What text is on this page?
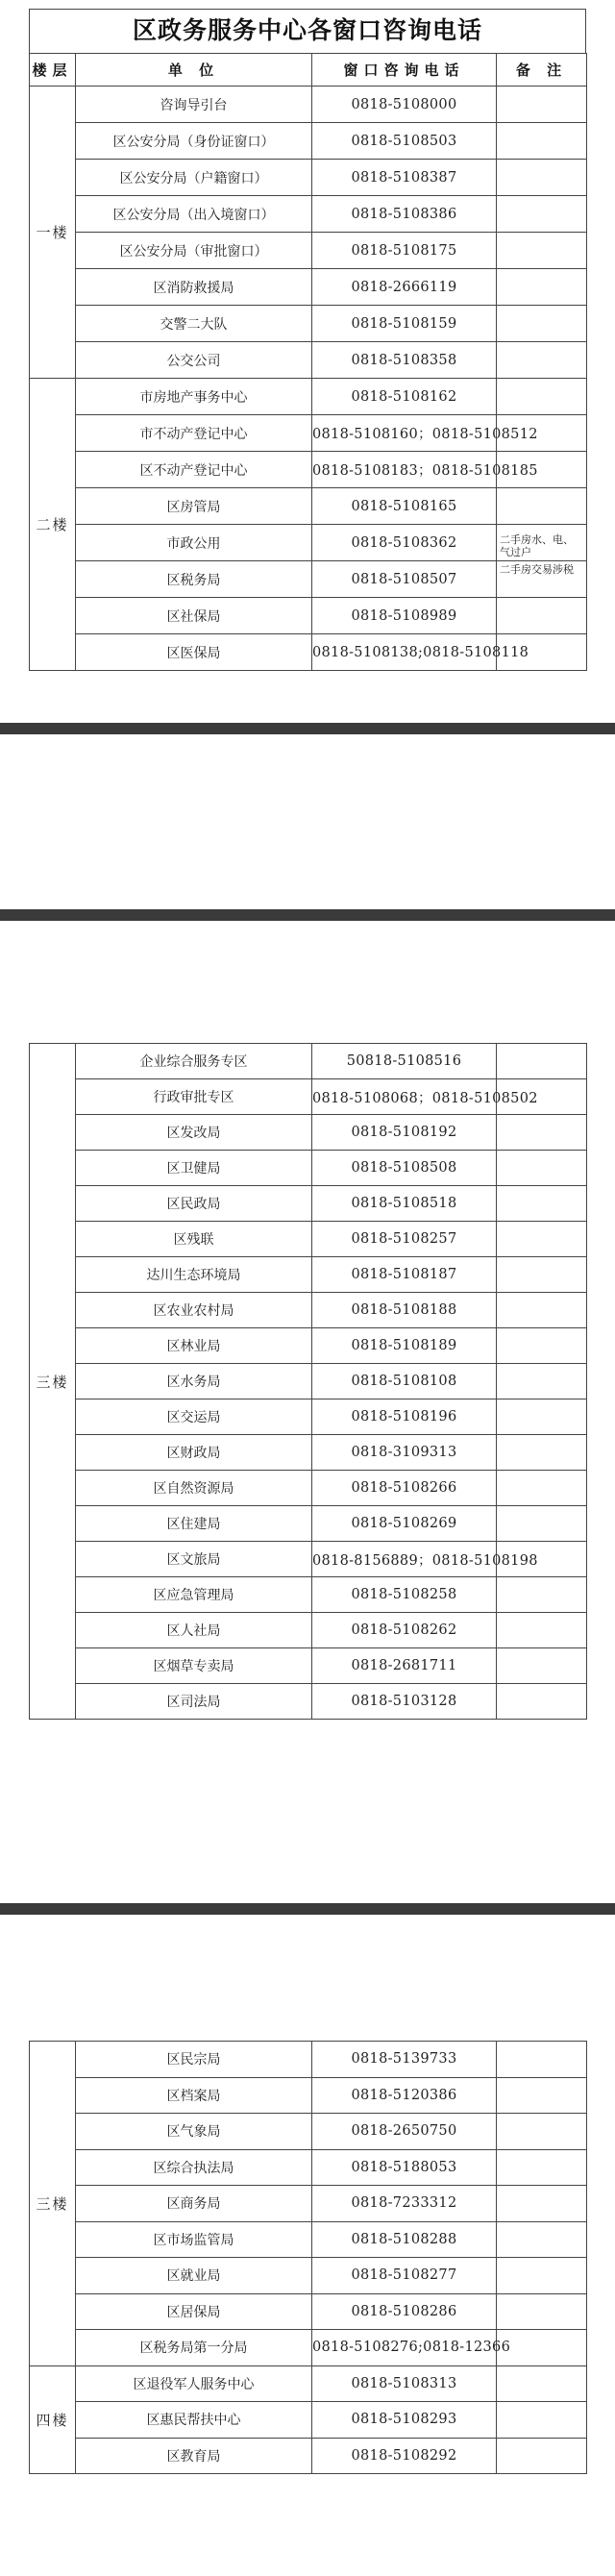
区政务服务中心各窗口咨询电话
楼层	单 位	窗口咨询电话	备 注
一楼	咨询导引台	0818-5108000	
	区公安分局（身份证窗口）	0818-5108503	
	区公安分局（户籍窗口）	0818-5108387	
	区公安分局（出入境窗口）	0818-5108386	
	区公安分局（审批窗口）	0818-5108175	
	区消防救援局	0818-2666119	
	交警二大队	0818-5108159	
	公交公司	0818-5108358	
二楼	市房地产事务中心	0818-5108162	
	市不动产登记中心	0818-5108160；0818-5108512	
	区不动产登记中心	0818-5108183；0818-5108185	
	区房管局	0818-5108165	
	市政公用	0818-5108362	二手房水、电、气过户
	区税务局	0818-5108507	二手房交易涉税
	区社保局	0818-5108989	
	区医保局	0818-5108138;0818-5108118	
三楼	企业综合服务专区	50818-5108516	
	行政审批专区	0818-5108068；0818-5108502	
	区发改局	0818-5108192	
	区卫健局	0818-5108508	
	区民政局	0818-5108518	
	区残联	0818-5108257	
	达川生态环境局	0818-5108187	
	区农业农村局	0818-5108188	
	区林业局	0818-5108189	
	区水务局	0818-5108108	
	区交运局	0818-5108196	
	区财政局	0818-3109313	
	区自然资源局	0818-5108266	
	区住建局	0818-5108269	
	区文旅局	0818-8156889；0818-5108198	
	区应急管理局	0818-5108258	
	区人社局	0818-5108262	
	区烟草专卖局	0818-2681711	
	区司法局	0818-5103128	
三楼	区民宗局	0818-5139733	
	区档案局	0818-5120386	
	区气象局	0818-2650750	
	区综合执法局	0818-5188053	
	区商务局	0818-7233312	
	区市场监管局	0818-5108288	
	区就业局	0818-5108277	
	区居保局	0818-5108286	
	区税务局第一分局	0818-5108276;0818-12366	
四楼	区退役军人服务中心	0818-5108313	
	区惠民帮扶中心	0818-5108293	
	区教育局	0818-5108292	
